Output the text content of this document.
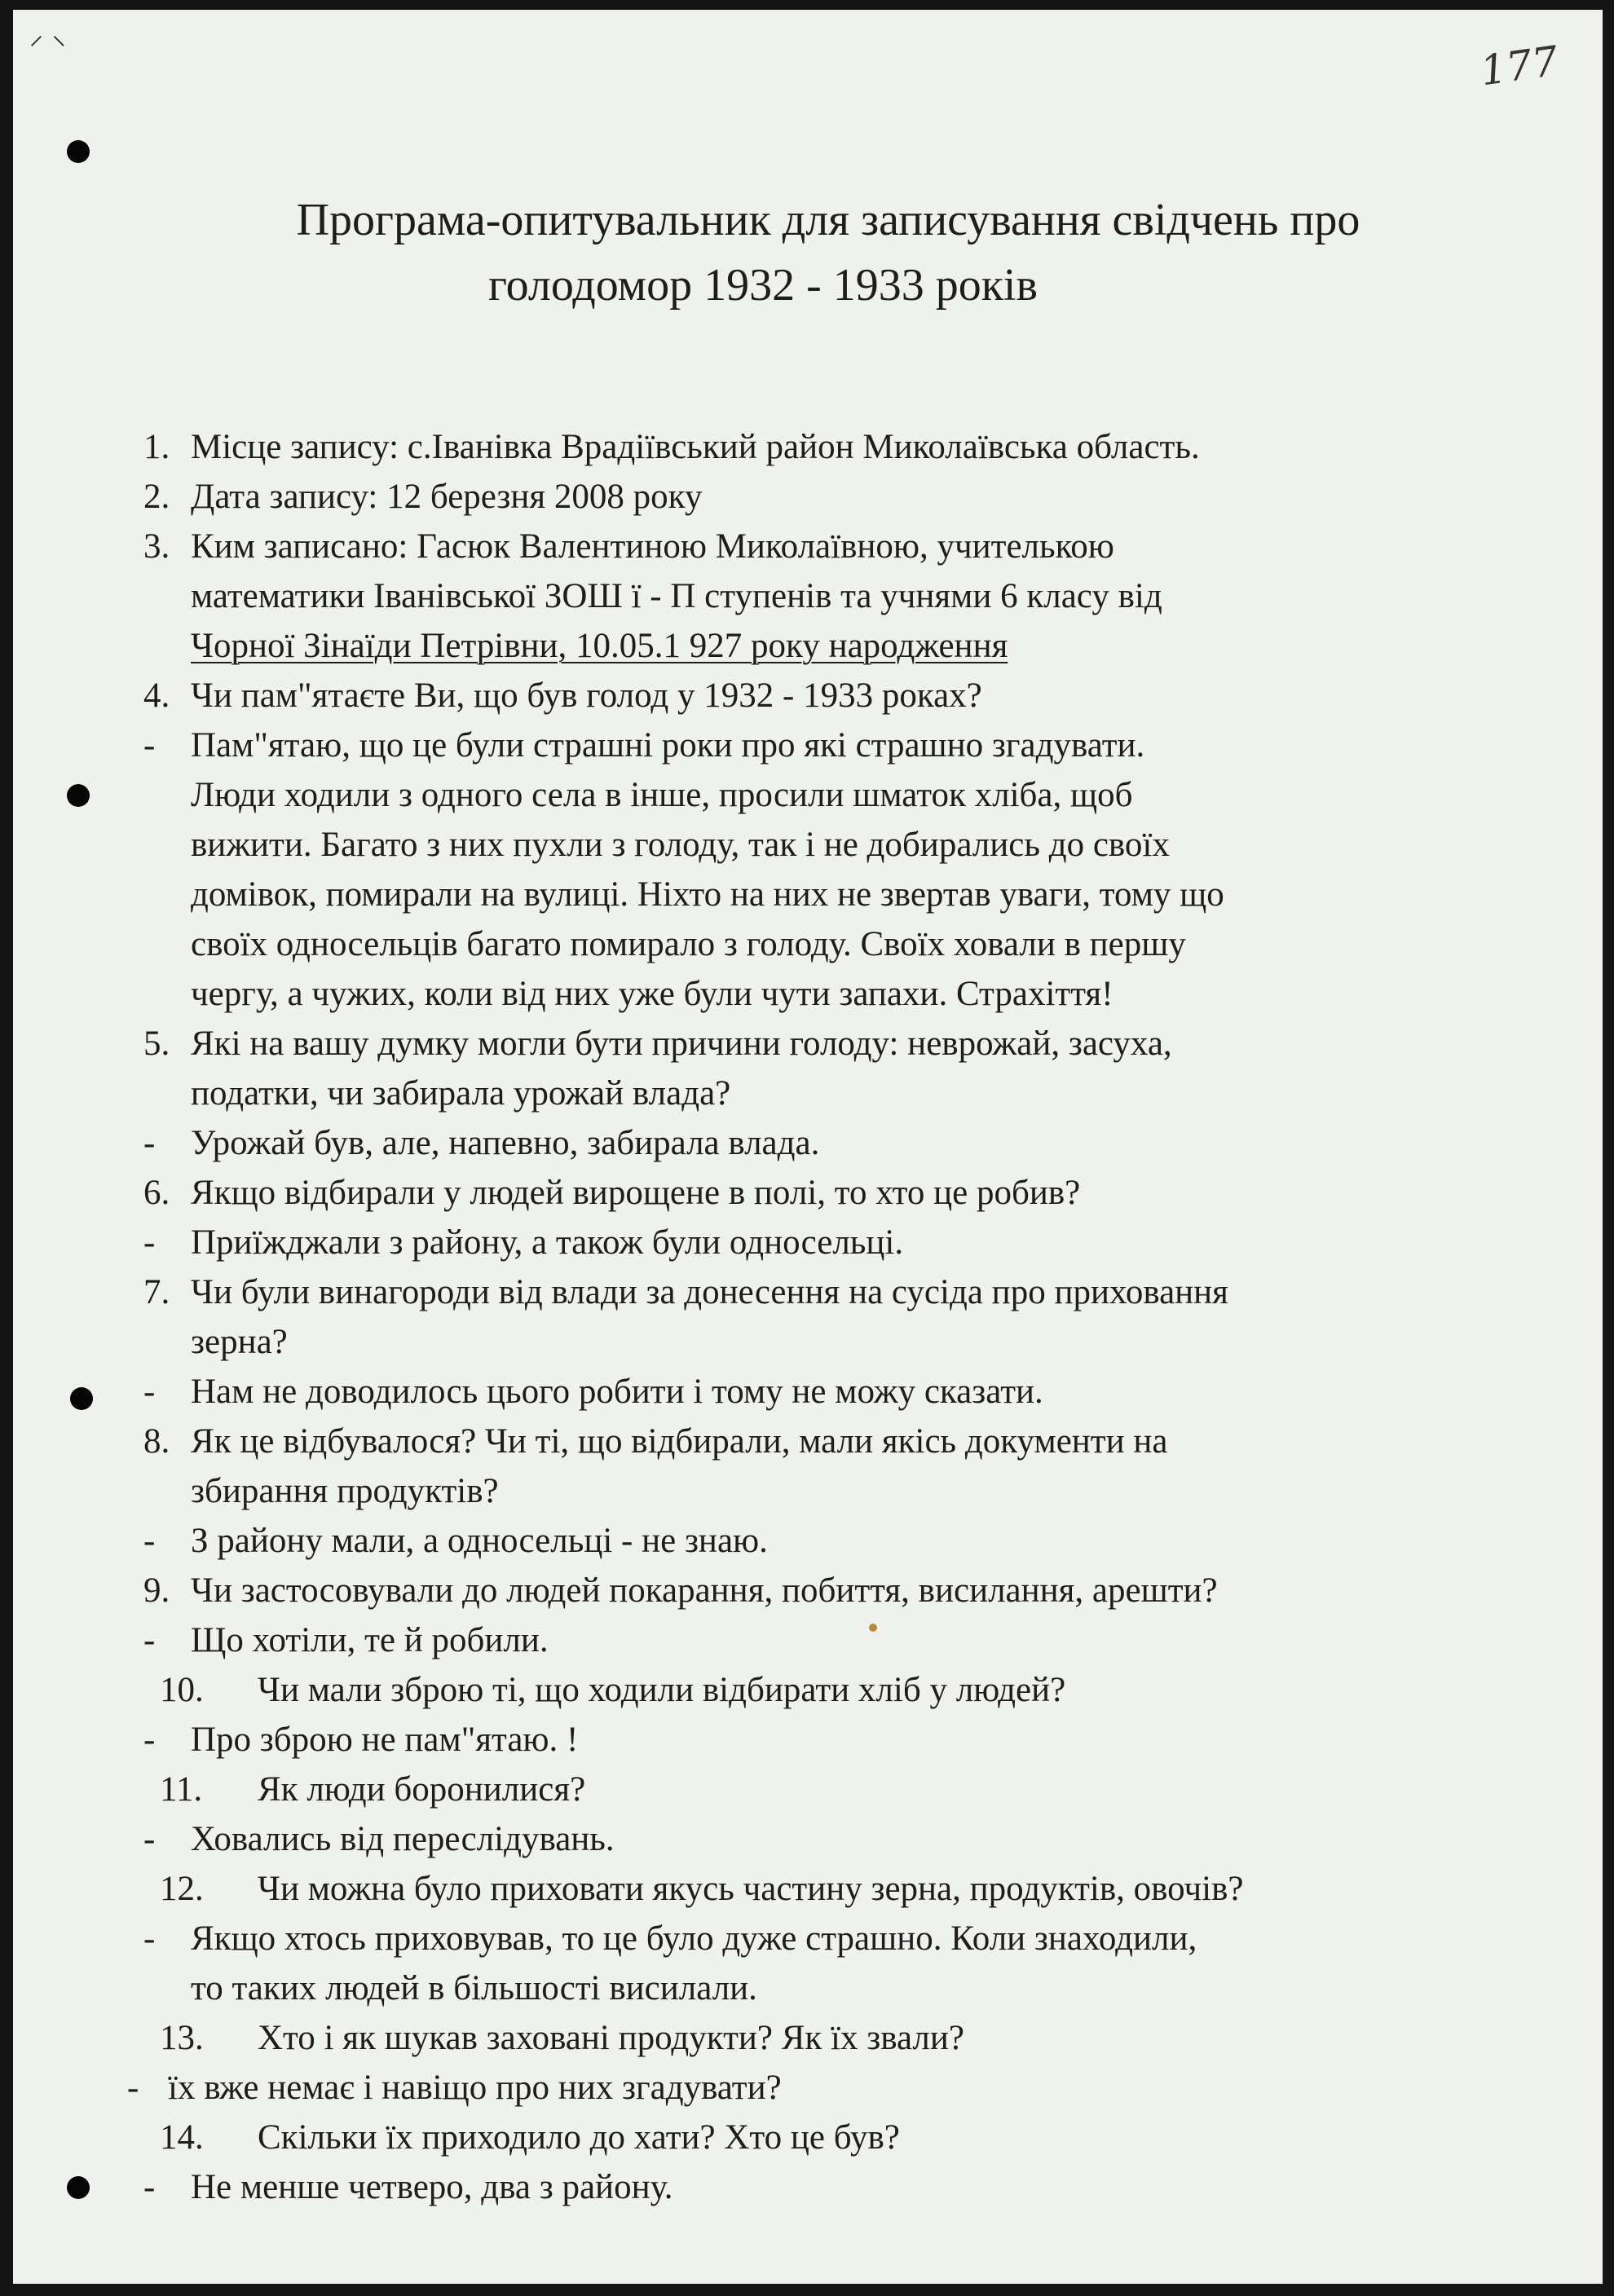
⸝ ⸜
177
Програма-опитувальник для записування свідчень про
голодомор 1932 - 1933 років
1. Місце запису: с.Іванівка Врадіївський район Миколаївська область.
2. Дата запису: 12 березня 2008 року
3. Ким записано: Гасюк Валентиною Миколаївною, учителькою
математики Іванівської ЗОШ ї - П ступенів та учнями 6 класу від
Чорної Зінаїди Петрівни, 10.05.1 927 року народження
4. Чи пам"ятаєте Ви, що був голод у 1932 - 1933 роках?
-	Пам"ятаю, що це були страшні роки про які страшно згадувати.
Люди ходили з одного села в інше, просили шматок хліба, щоб
вижити. Багато з них пухли з голоду, так і не добирались до своїх
домівок, помирали на вулиці. Ніхто на них не звертав уваги, тому що
своїх односельців багато помирало з голоду. Своїх ховали в першу
чергу, а чужих, коли від них уже були чути запахи. Страхіття!
5. Які на вашу думку могли бути причини голоду: неврожай, засуха,
податки, чи забирала урожай влада?
-	Урожай був, але, напевно, забирала влада.
6. Якщо відбирали у людей вирощене в полі, то хто це робив?
-	Приїжджали з району, а також були односельці.
7. Чи були винагороди від влади за донесення на сусіда про приховання
зерна?
-	Нам не доводилось цього робити і тому не можу сказати.
8. Як це відбувалося? Чи ті, що відбирали, мали якісь документи на
збирання продуктів?
-	З району мали, а односельці - не знаю.
9. Чи застосовували до людей покарання, побиття, висилання, арешти?
-	Що хотіли, те й робили.
10.	Чи мали зброю ті, що ходили відбирати хліб у людей?
-	Про зброю не пам"ятаю. !
11.	Як люди боронилися?
-	Ховались від переслідувань.
12.	Чи можна було приховати якусь частину зерна, продуктів, овочів?
-	Якщо хтось приховував, то це було дуже страшно. Коли знаходили,
то таких людей в більшості висилали.
13.	Хто і як шукав заховані продукти? Як їх звали?
- їх вже немає і навіщо про них згадувати?
14.	Скільки їх приходило до хати? Хто це був?
-	Не менше четверо, два з району.
